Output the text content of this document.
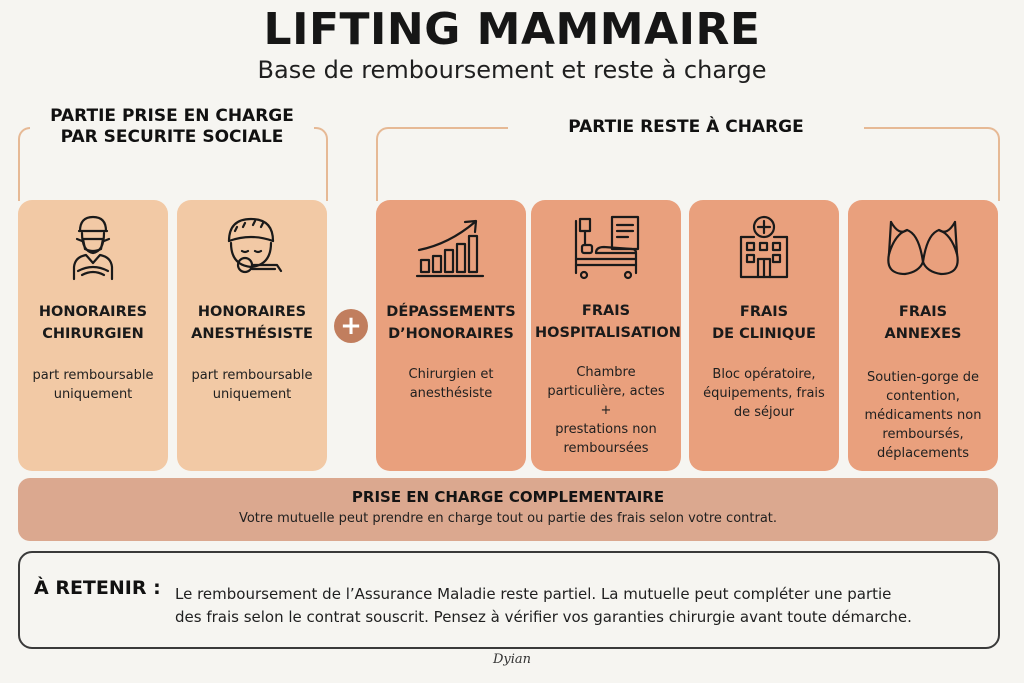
LIFTING MAMMAIRE
Base de remboursement et reste à charge
PARTIE PRISE EN CHARGE
PAR SECURITE SOCIALE	PARTIE RESTE À CHARGE
HONORAIRES
CHIRURGIEN
part remboursable
uniquement
HONORAIRES
ANESTHÉSISTE
part remboursable
uniquement
+	DÉPASSEMENTS
D’HONORAIRES
Chirurgien et
anesthésiste
FRAIS
HOSPITALISATION
Chambre
particulière, actes +
prestations non
remboursées
FRAIS
DE CLINIQUE
Bloc opératoire,
équipements, frais
de séjour
FRAIS
ANNEXES
Soutien-gorge de
contention,
médicaments non
remboursés,
déplacements
PRISE EN CHARGE COMPLEMENTAIRE
Votre mutuelle peut prendre en charge tout ou partie des frais selon votre contrat.
À RETENIR : Le remboursement de l’Assurance Maladie reste partiel. La mutuelle peut compléter une partie
des frais selon le contrat souscrit. Pensez à vérifier vos garanties chirurgie avant toute démarche.
Dyian
